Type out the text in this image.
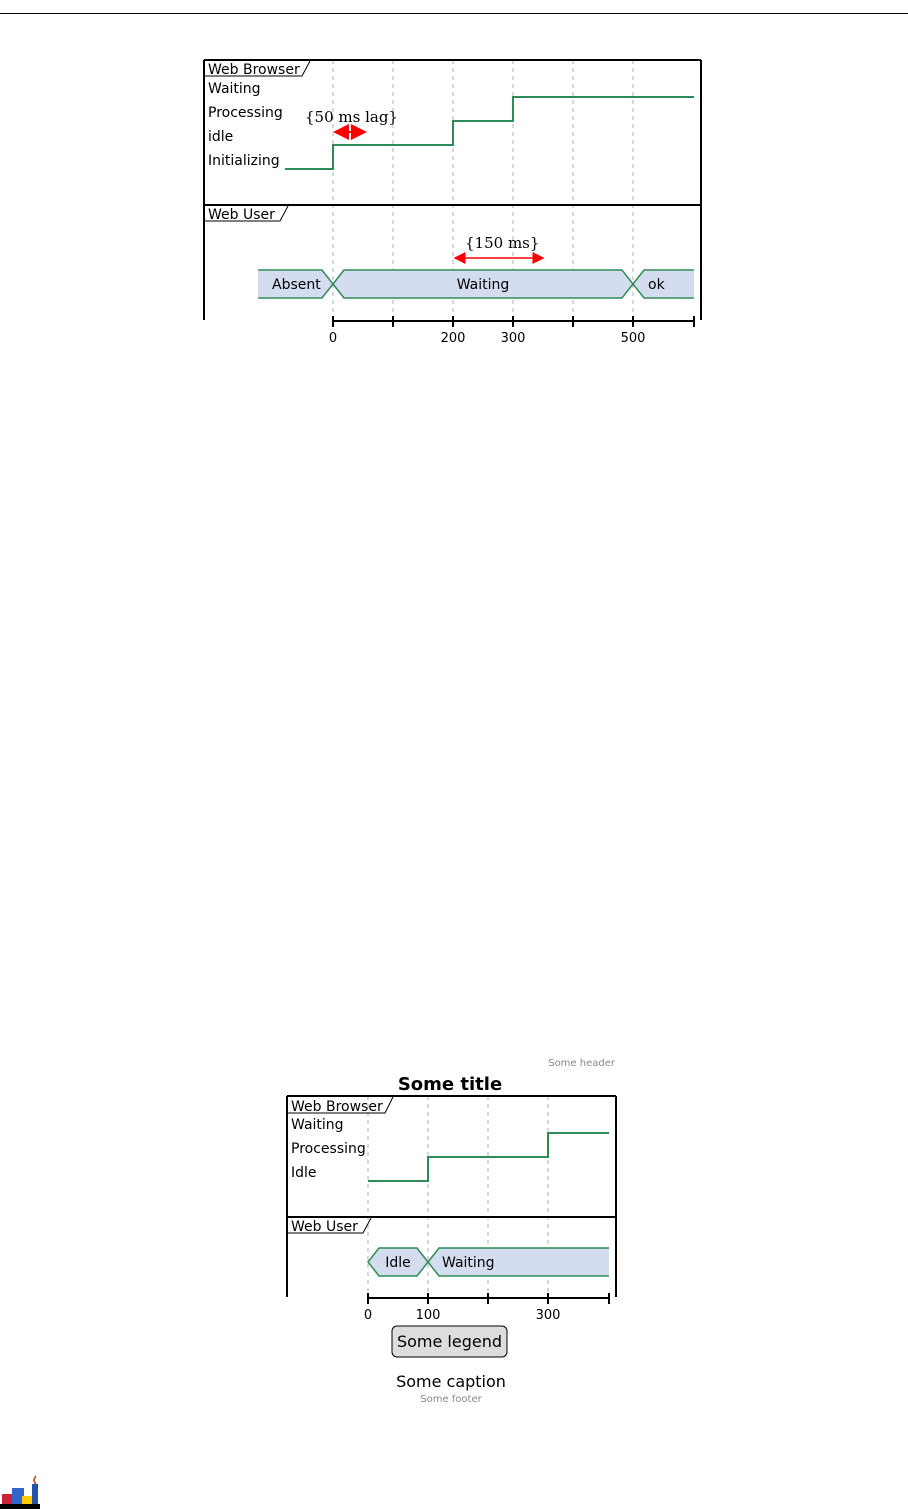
Web Browser
Waiting
Processing
idle
Initializing
{50 ms lag}
Web User
{150 ms}
Absent	Waiting	ok
0	200	300	500
Some header
Some title
Web Browser
Waiting
Processing
Idle
Web User
Idle Waiting
0	100	300
Some legend
Some caption
Some footer
